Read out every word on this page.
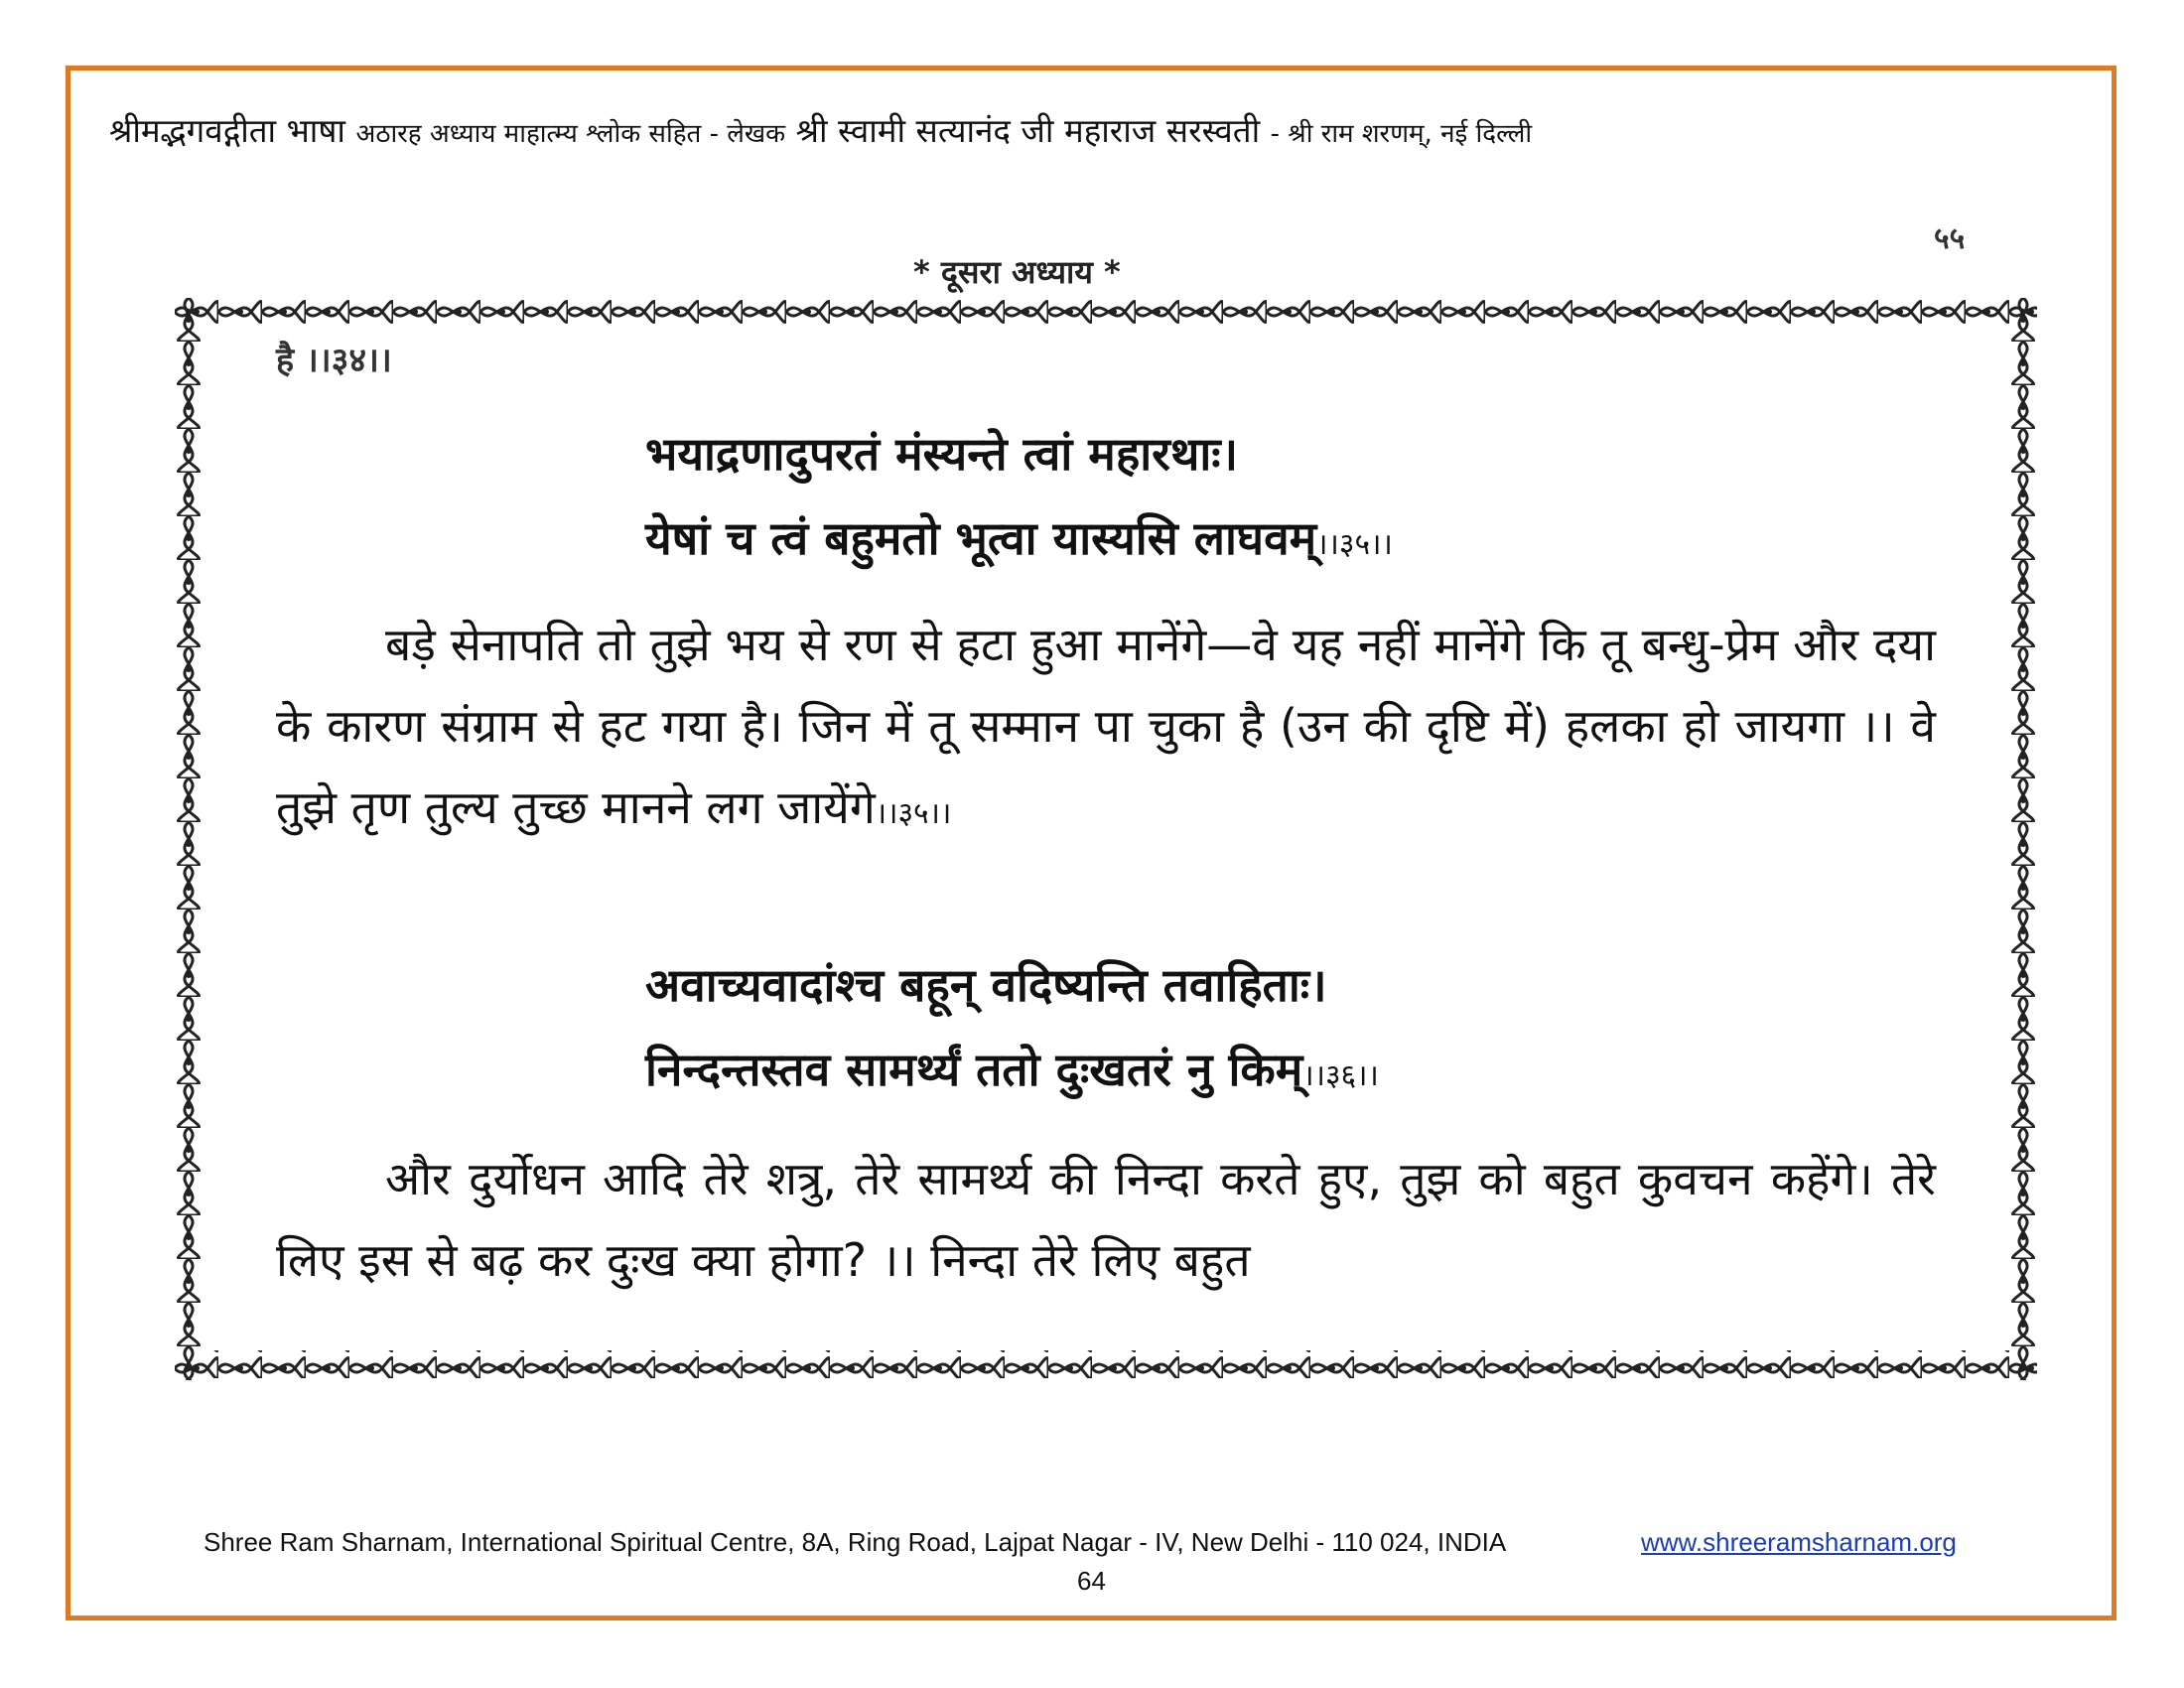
श्रीमद्भगवद्गीता भाषा अठारह अध्याय माहात्म्य श्लोक सहित - लेखक श्री स्वामी सत्यानंद जी महाराज सरस्वती - श्री राम शरणम्, नई दिल्ली
५५
* दूसरा अध्याय *
है ।।३४।।
भयाद्रणादुपरतं मंस्यन्ते त्वां महारथाः।
येषां च त्वं बहुमतो भूत्वा यास्यसि लाघवम्।।३५।।
बड़े सेनापति तो तुझे भय से रण से हटा हुआ मानेंगे—वे यह नहीं मानेंगे कि तू बन्धु-प्रेम और दया के कारण संग्राम से हट गया है। जिन में तू सम्मान पा चुका है (उन की दृष्टि में) हलका हो जायगा ।। वे तुझे तृण तुल्य तुच्छ मानने लग जायेंगे।।३५।।
अवाच्यवादांश्च बहून् वदिष्यन्ति तवाहिताः।
निन्दन्तस्तव सामर्थ्यं ततो दुःखतरं नु किम्।।३६।।
और दुर्योधन आदि तेरे शत्रु, तेरे सामर्थ्य की निन्दा करते हुए, तुझ को बहुत कुवचन कहेंगे। तेरे लिए इस से बढ़ कर दुःख क्या होगा? ।। निन्दा तेरे लिए बहुत
Shree Ram Sharnam, International Spiritual Centre, 8A, Ring Road, Lajpat Nagar - IV, New Delhi - 110 024, INDIA	www.shreeramsharnam.org
64
